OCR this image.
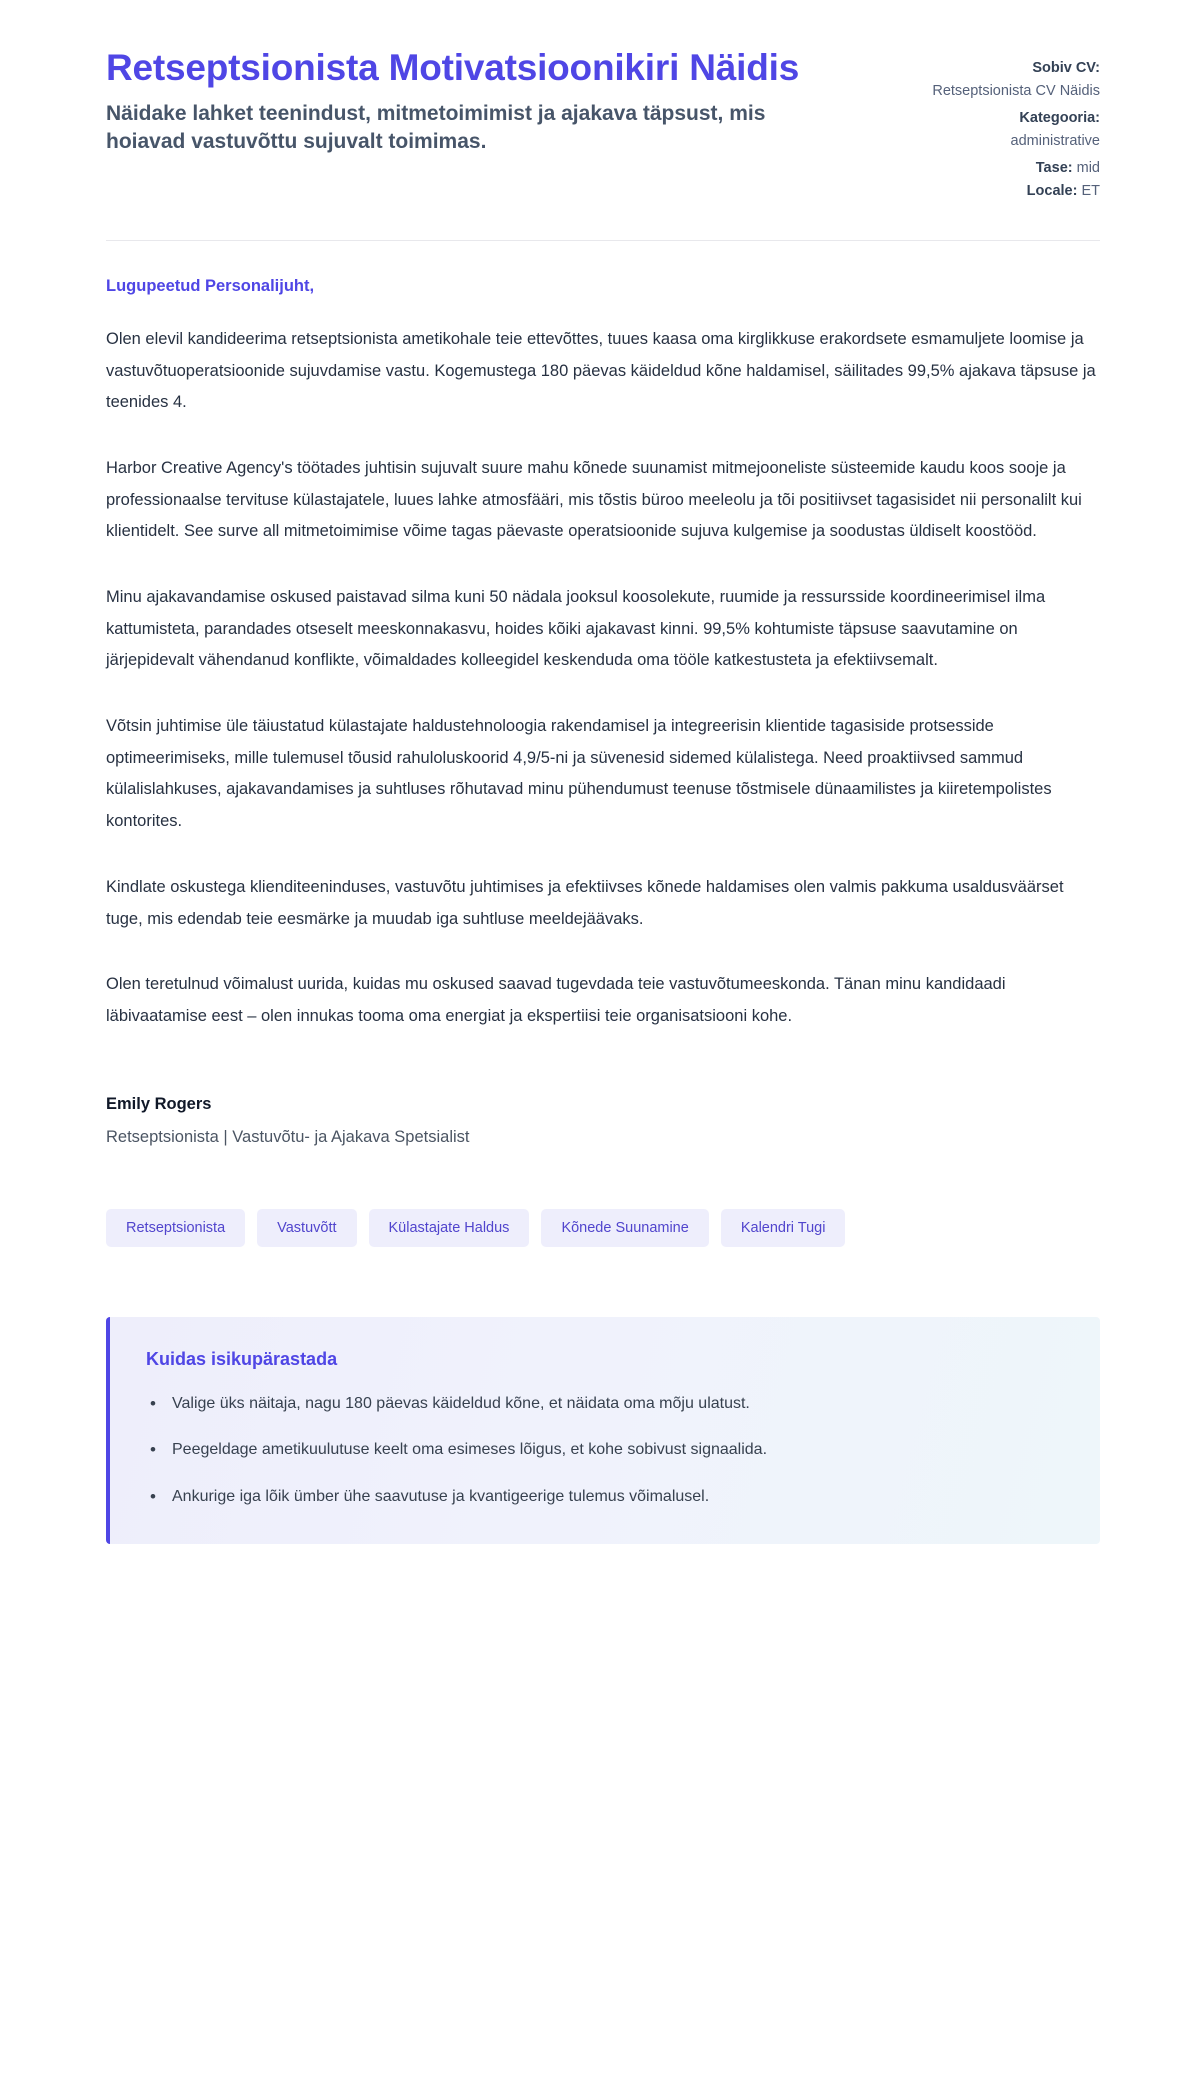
Retseptsionista Motivatsioonikiri Näidis

Näidake lahket teenindust, mitmetoimimist ja ajakava täpsust, mis hoiavad vastuvõttu sujuvalt toimimas.

Sobiv CV:
Retseptsionista CV Näidis
Kategooria:
administrative
Tase: mid
Locale: ET

Lugupeetud Personalijuht,

Olen elevil kandideerima retseptsionista ametikohale teie ettevõttes, tuues kaasa oma kirglikkuse erakordsete esmamuljete loomise ja vastuvõtuoperatsioonide sujuvdamise vastu. Kogemustega 180 päevas käideldud kõne haldamisel, säilitades 99,5% ajakava täpsuse ja teenides 4.

Harbor Creative Agency's töötades juhtisin sujuvalt suure mahu kõnede suunamist mitmejooneliste süsteemide kaudu koos sooje ja professionaalse tervituse külastajatele, luues lahke atmosfääri, mis tõstis büroo meeleolu ja tõi positiivset tagasisidet nii personalilt kui klientidelt. See surve all mitmetoimimise võime tagas päevaste operatsioonide sujuva kulgemise ja soodustas üldiselt koostööd.

Minu ajakavandamise oskused paistavad silma kuni 50 nädala jooksul koosolekute, ruumide ja ressursside koordineerimisel ilma kattumisteta, parandades otseselt meeskonnakasvu, hoides kõiki ajakavast kinni. 99,5% kohtumiste täpsuse saavutamine on järjepidevalt vähendanud konflikte, võimaldades kolleegidel keskenduda oma tööle katkestusteta ja efektiivsemalt.

Võtsin juhtimise üle täiustatud külastajate haldustehnoloogia rakendamisel ja integreerisin klientide tagasiside protsesside optimeerimiseks, mille tulemusel tõusid rahuloluskoorid 4,9/5-ni ja süvenesid sidemed külalistega. Need proaktiivsed sammud külalislahkuses, ajakavandamises ja suhtluses rõhutavad minu pühendumust teenuse tõstmisele dünaamilistes ja kiiretempolistes kontorites.

Kindlate oskustega klienditeeninduses, vastuvõtu juhtimises ja efektiivses kõnede haldamises olen valmis pakkuma usaldusväärset tuge, mis edendab teie eesmärke ja muudab iga suhtluse meeldejäävaks.

Olen teretulnud võimalust uurida, kuidas mu oskused saavad tugevdada teie vastuvõtumeeskonda. Tänan minu kandidaadi läbivaatamise eest – olen innukas tooma oma energiat ja ekspertiisi teie organisatsiooni kohe.

Emily Rogers

Retseptsionista | Vastuvõtu- ja Ajakava Spetsialist

Retseptsionista	Vastuvõtt	Külastajate Haldus	Kõnede Suunamine	Kalendri Tugi
Kuidas isikupärastada
• Valige üks näitaja, nagu 180 päevas käideldud kõne, et näidata oma mõju ulatust.
• Peegeldage ametikuulutuse keelt oma esimeses lõigus, et kohe sobivust signaalida.
• Ankurige iga lõik ümber ühe saavutuse ja kvantigeerige tulemus võimalusel.
